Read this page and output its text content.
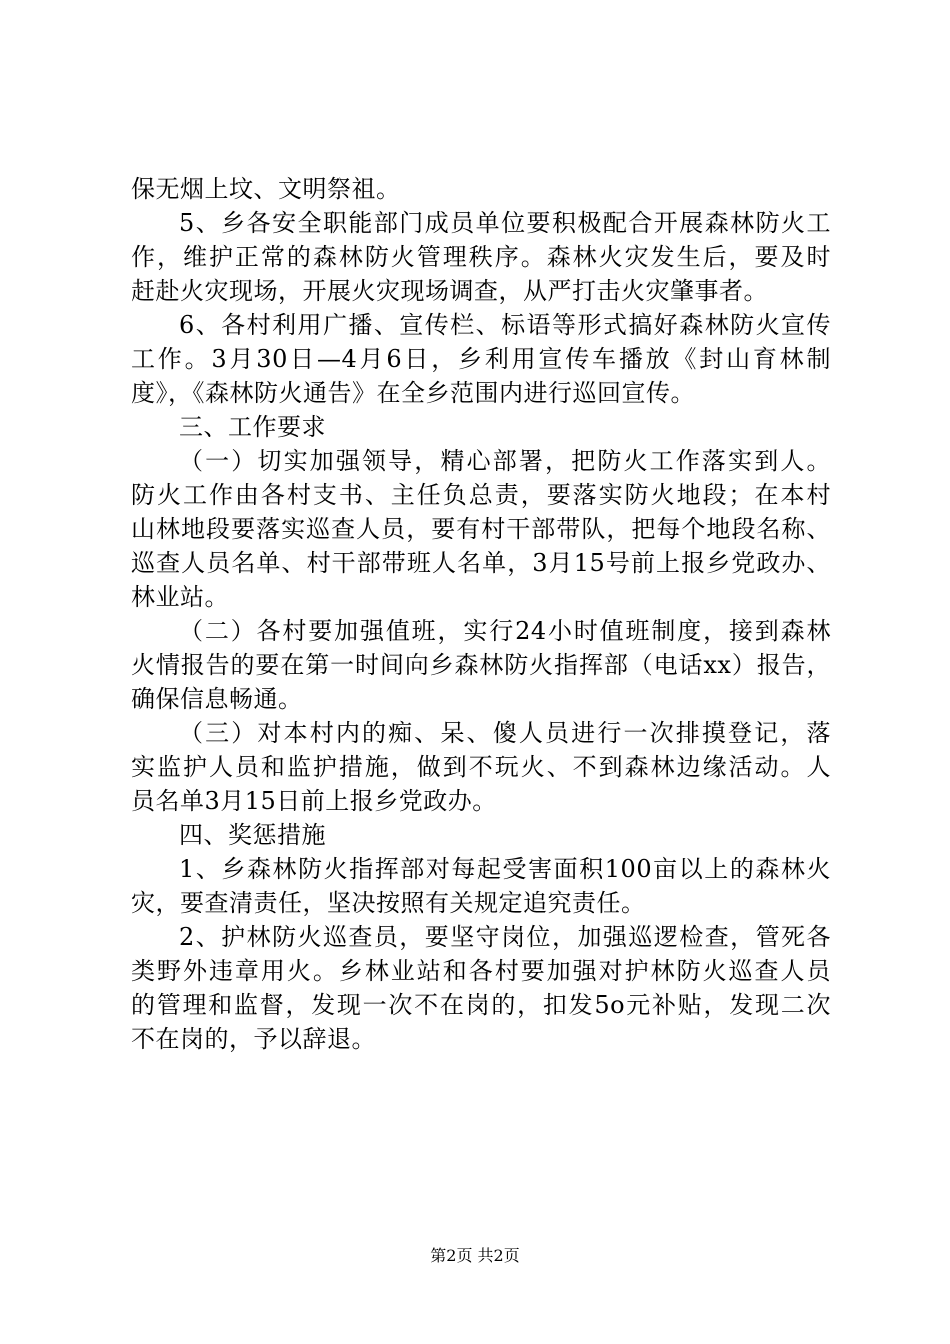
保无烟上坟、文明祭祖。
5、乡各安全职能部门成员单位要积极配合开展森林防火工
作，维护正常的森林防火管理秩序。森林火灾发生后，要及时
赶赴火灾现场，开展火灾现场调查，从严打击火灾肇事者。
6、各村利用广播、宣传栏、标语等形式搞好森林防火宣传
工作。3月30日—4月6日，乡利用宣传车播放《封山育林制
度》，《森林防火通告》在全乡范围内进行巡回宣传。
三、工作要求
（一）切实加强领导，精心部署，把防火工作落实到人。
防火工作由各村支书、主任负总责，要落实防火地段；在本村
山林地段要落实巡查人员，要有村干部带队，把每个地段名称、
巡查人员名单、村干部带班人名单，3月15号前上报乡党政办、
林业站。
（二）各村要加强值班，实行24小时值班制度，接到森林
火情报告的要在第一时间向乡森林防火指挥部（电话xx）报告，
确保信息畅通。
（三）对本村内的痴、呆、傻人员进行一次排摸登记，落
实监护人员和监护措施，做到不玩火、不到森林边缘活动。人
员名单3月15日前上报乡党政办。
四、奖惩措施
1、乡森林防火指挥部对每起受害面积100亩以上的森林火
灾，要查清责任，坚决按照有关规定追究责任。
2、护林防火巡查员，要坚守岗位，加强巡逻检查，管死各
类野外违章用火。乡林业站和各村要加强对护林防火巡查人员
的管理和监督，发现一次不在岗的，扣发5o元补贴，发现二次
不在岗的，予以辞退。
第2页 共2页
